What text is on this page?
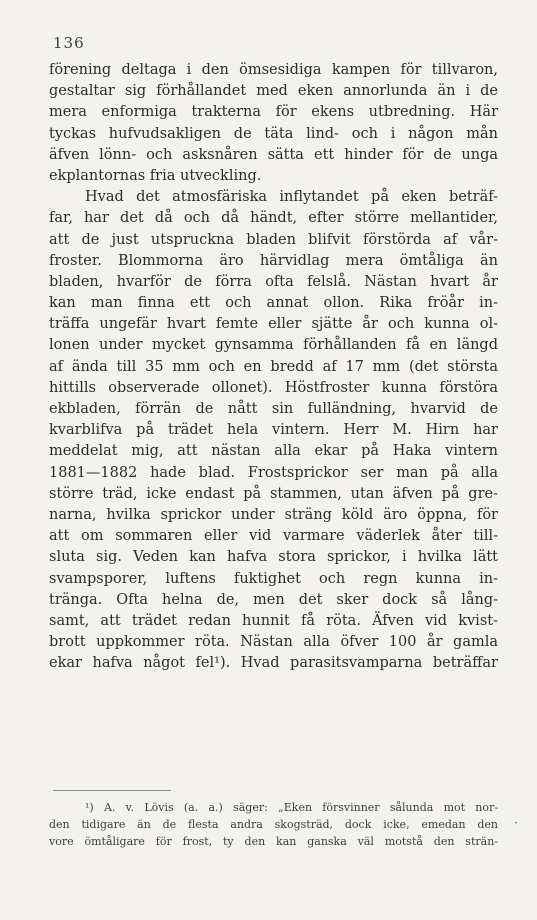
136
förening deltaga i den ömsesidiga kampen för tillvaron,
gestaltar sig förhållandet med eken annorlunda än i de
mera enformiga trakterna för ekens utbredning. Här
tyckas hufvudsakligen de täta lind- och i någon mån
äfven lönn- och asksnåren sätta ett hinder för de unga
ekplantornas fria utveckling.
Hvad det atmosfäriska inflytandet på eken beträf-
far, har det då och då händt, efter större mellantider,
att de just utspruckna bladen blifvit förstörda af vår-
froster. Blommorna äro härvidlag mera ömtåliga än
bladen, hvarför de förra ofta felslå. Nästan hvart år
kan man finna ett och annat ollon. Rika fröår in-
träffa ungefär hvart femte eller sjätte år och kunna ol-
lonen under mycket gynsamma förhållanden få en längd
af ända till 35 mm och en bredd af 17 mm (det största
hittills observerade ollonet). Höstfroster kunna förstöra
ekbladen, förrän de nått sin fulländning, hvarvid de
kvarblifva på trädet hela vintern. Herr M. Hirn har
meddelat mig, att nästan alla ekar på Haka vintern
1881—1882 hade blad. Frostsprickor ser man på alla
större träd, icke endast på stammen, utan äfven på gre-
narna, hvilka sprickor under sträng köld äro öppna, för
att om sommaren eller vid varmare väderlek åter till-
sluta sig. Veden kan hafva stora sprickor, i hvilka lätt
svampsporer, luftens fuktighet och regn kunna in-
tränga. Ofta helna de, men det sker dock så lång-
samt, att trädet redan hunnit få röta. Äfven vid kvist-
brott uppkommer röta. Nästan alla öfver 100 år gamla
ekar hafva något fel¹). Hvad parasitsvamparna beträffar
¹) A. v. Lövis (a. a.) säger: „Eken försvinner sålunda mot nor-
den tidigare än de flesta andra skogsträd, dock icke, emedan den
vore ömtåligare för frost, ty den kan ganska väl motstå den strän-
·
